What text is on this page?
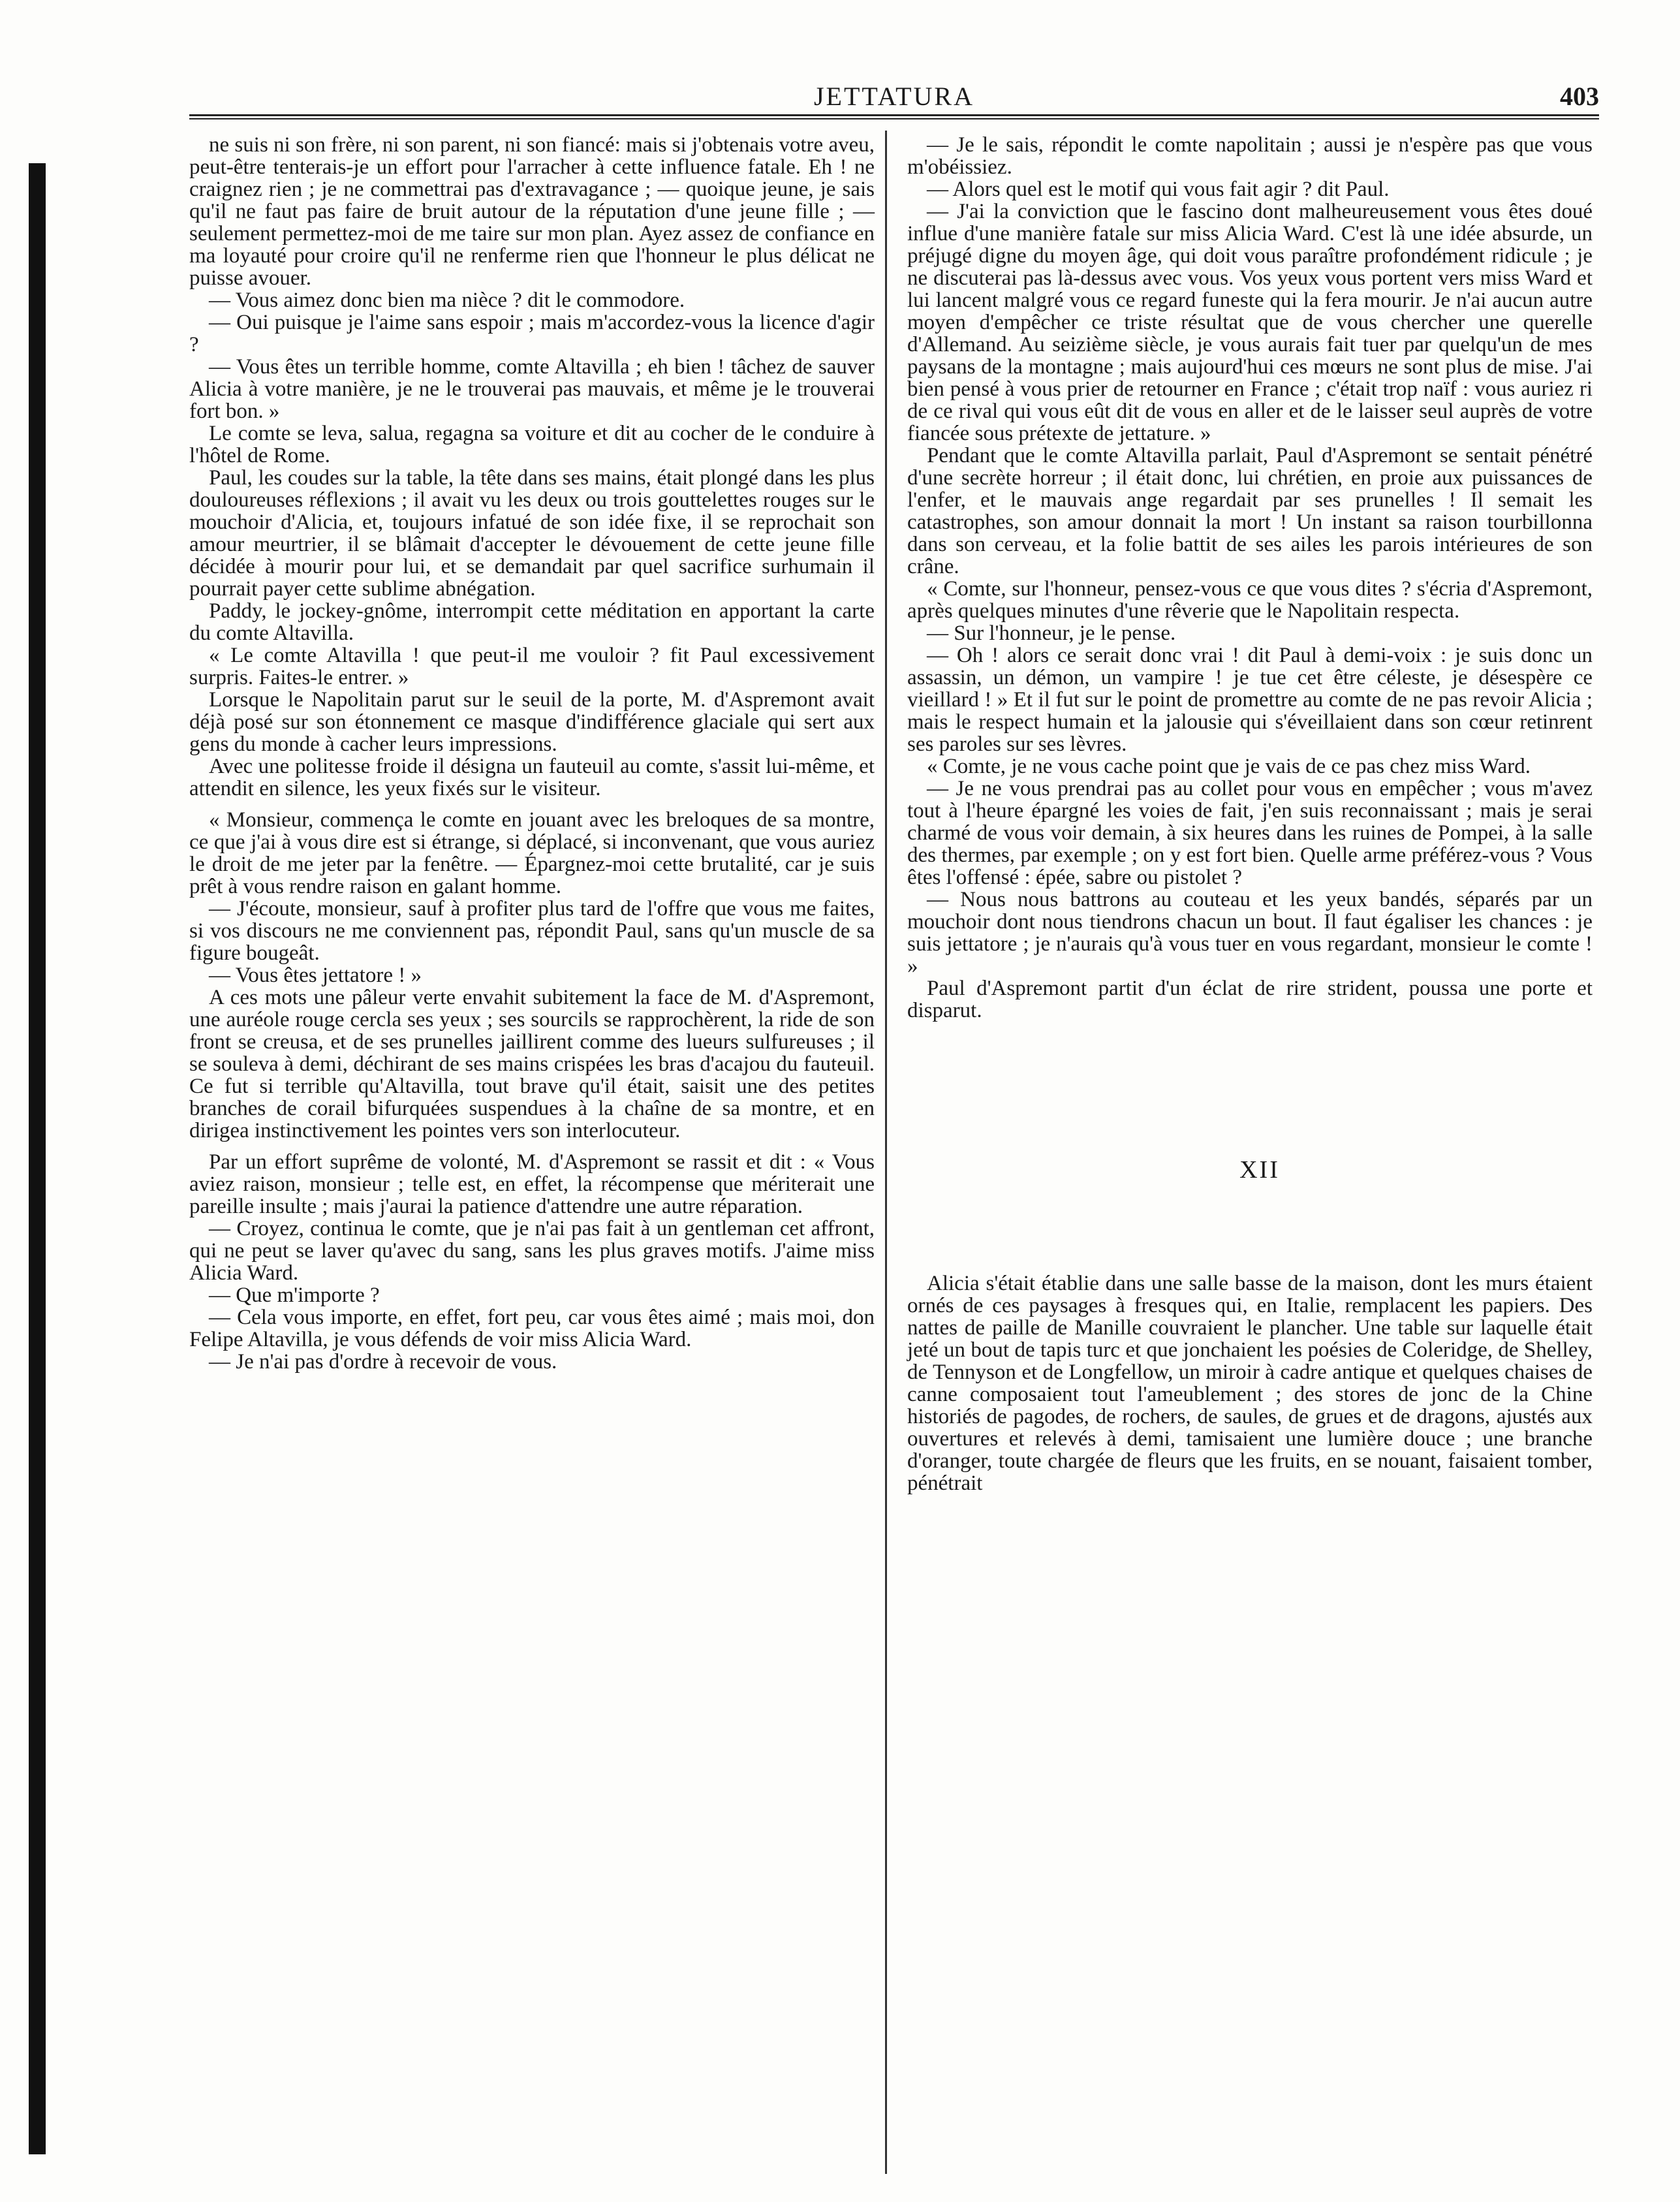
JETTATURA	403

ne suis ni son frère, ni son parent, ni son fiancé: mais si j'obtenais votre aveu, peut-être tenterais-je un effort pour l'arracher à cette influence fatale. Eh ! ne craignez rien ; je ne commettrai pas d'extravagance ; — quoique jeune, je sais qu'il ne faut pas faire de bruit autour de la réputation d'une jeune fille ; — seulement permettez-moi de me taire sur mon plan. Ayez assez de confiance en ma loyauté pour croire qu'il ne renferme rien que l'honneur le plus délicat ne puisse avouer.

— Vous aimez donc bien ma nièce ? dit le commodore.

— Oui puisque je l'aime sans espoir ; mais m'accordez-vous la licence d'agir ?

— Vous êtes un terrible homme, comte Altavilla ; eh bien ! tâchez de sauver Alicia à votre manière, je ne le trouverai pas mauvais, et même je le trouverai fort bon. »

Le comte se leva, salua, regagna sa voiture et dit au cocher de le conduire à l'hôtel de Rome.

Paul, les coudes sur la table, la tête dans ses mains, était plongé dans les plus douloureuses réflexions ; il avait vu les deux ou trois gouttelettes rouges sur le mouchoir d'Alicia, et, toujours infatué de son idée fixe, il se reprochait son amour meurtrier, il se blâmait d'accepter le dévouement de cette jeune fille décidée à mourir pour lui, et se demandait par quel sacrifice surhumain il pourrait payer cette sublime abnégation.

Paddy, le jockey-gnôme, interrompit cette méditation en apportant la carte du comte Altavilla.

« Le comte Altavilla ! que peut-il me vouloir ? fit Paul excessivement surpris. Faites-le entrer. »

Lorsque le Napolitain parut sur le seuil de la porte, M. d'Aspremont avait déjà posé sur son étonnement ce masque d'indifférence glaciale qui sert aux gens du monde à cacher leurs impressions.

Avec une politesse froide il désigna un fauteuil au comte, s'assit lui-même, et attendit en silence, les yeux fixés sur le visiteur.

« Monsieur, commença le comte en jouant avec les breloques de sa montre, ce que j'ai à vous dire est si étrange, si déplacé, si inconvenant, que vous auriez le droit de me jeter par la fenêtre. — Épargnez-moi cette brutalité, car je suis prêt à vous rendre raison en galant homme.

— J'écoute, monsieur, sauf à profiter plus tard de l'offre que vous me faites, si vos discours ne me conviennent pas, répondit Paul, sans qu'un muscle de sa figure bougeât.

— Vous êtes jettatore ! »

A ces mots une pâleur verte envahit subitement la face de M. d'Aspremont, une auréole rouge cercla ses yeux ; ses sourcils se rapprochèrent, la ride de son front se creusa, et de ses prunelles jaillirent comme des lueurs sulfureuses ; il se souleva à demi, déchirant de ses mains crispées les bras d'acajou du fauteuil. Ce fut si terrible qu'Altavilla, tout brave qu'il était, saisit une des petites branches de corail bifurquées suspendues à la chaîne de sa montre, et en dirigea instinctivement les pointes vers son interlocuteur.

Par un effort suprême de volonté, M. d'Aspremont se rassit et dit : « Vous aviez raison, monsieur ; telle est, en effet, la récompense que mériterait une pareille insulte ; mais j'aurai la patience d'attendre une autre réparation.

— Croyez, continua le comte, que je n'ai pas fait à un gentleman cet affront, qui ne peut se laver qu'avec du sang, sans les plus graves motifs. J'aime miss Alicia Ward.

— Que m'importe ?

— Cela vous importe, en effet, fort peu, car vous êtes aimé ; mais moi, don Felipe Altavilla, je vous défends de voir miss Alicia Ward.

— Je n'ai pas d'ordre à recevoir de vous.

— Je le sais, répondit le comte napolitain ; aussi je n'espère pas que vous m'obéissiez.

— Alors quel est le motif qui vous fait agir ? dit Paul.

— J'ai la conviction que le fascino dont malheureusement vous êtes doué influe d'une manière fatale sur miss Alicia Ward. C'est là une idée absurde, un préjugé digne du moyen âge, qui doit vous paraître profondément ridicule ; je ne discuterai pas là-dessus avec vous. Vos yeux vous portent vers miss Ward et lui lancent malgré vous ce regard funeste qui la fera mourir. Je n'ai aucun autre moyen d'empêcher ce triste résultat que de vous chercher une querelle d'Allemand. Au seizième siècle, je vous aurais fait tuer par quelqu'un de mes paysans de la montagne ; mais aujourd'hui ces mœurs ne sont plus de mise. J'ai bien pensé à vous prier de retourner en France ; c'était trop naïf : vous auriez ri de ce rival qui vous eût dit de vous en aller et de le laisser seul auprès de votre fiancée sous prétexte de jettature. »

Pendant que le comte Altavilla parlait, Paul d'Aspremont se sentait pénétré d'une secrète horreur ; il était donc, lui chrétien, en proie aux puissances de l'enfer, et le mauvais ange regardait par ses prunelles ! Il semait les catastrophes, son amour donnait la mort ! Un instant sa raison tourbillonna dans son cerveau, et la folie battit de ses ailes les parois intérieures de son crâne.

« Comte, sur l'honneur, pensez-vous ce que vous dites ? s'écria d'Aspremont, après quelques minutes d'une rêverie que le Napolitain respecta.

— Sur l'honneur, je le pense.

— Oh ! alors ce serait donc vrai ! dit Paul à demi-voix : je suis donc un assassin, un démon, un vampire ! je tue cet être céleste, je désespère ce vieillard ! » Et il fut sur le point de promettre au comte de ne pas revoir Alicia ; mais le respect humain et la jalousie qui s'éveillaient dans son cœur retinrent ses paroles sur ses lèvres.

« Comte, je ne vous cache point que je vais de ce pas chez miss Ward.

— Je ne vous prendrai pas au collet pour vous en empêcher ; vous m'avez tout à l'heure épargné les voies de fait, j'en suis reconnaissant ; mais je serai charmé de vous voir demain, à six heures dans les ruines de Pompei, à la salle des thermes, par exemple ; on y est fort bien. Quelle arme préférez-vous ? Vous êtes l'offensé : épée, sabre ou pistolet ?

— Nous nous battrons au couteau et les yeux bandés, séparés par un mouchoir dont nous tiendrons chacun un bout. Il faut égaliser les chances : je suis jettatore ; je n'aurais qu'à vous tuer en vous regardant, monsieur le comte ! »

Paul d'Aspremont partit d'un éclat de rire strident, poussa une porte et disparut.

XII

Alicia s'était établie dans une salle basse de la maison, dont les murs étaient ornés de ces paysages à fresques qui, en Italie, remplacent les papiers. Des nattes de paille de Manille couvraient le plancher. Une table sur laquelle était jeté un bout de tapis turc et que jonchaient les poésies de Coleridge, de Shelley, de Tennyson et de Longfellow, un miroir à cadre antique et quelques chaises de canne composaient tout l'ameublement ; des stores de jonc de la Chine historiés de pagodes, de rochers, de saules, de grues et de dragons, ajustés aux ouvertures et relevés à demi, tamisaient une lumière douce ; une branche d'oranger, toute chargée de fleurs que les fruits, en se nouant, faisaient tomber, pénétrait
